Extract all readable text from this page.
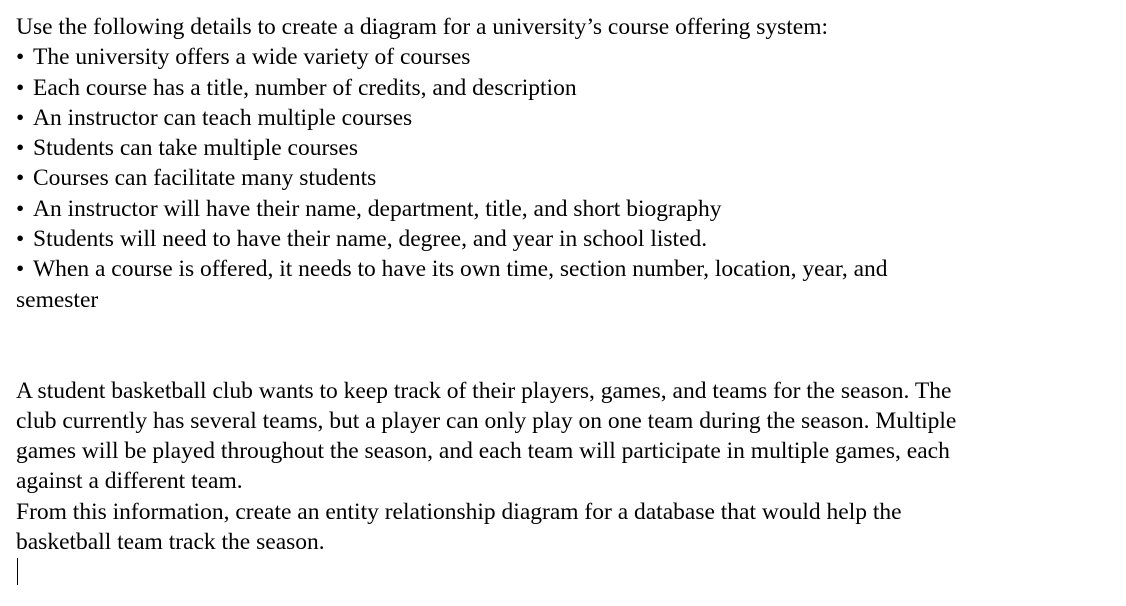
Use the following details to create a diagram for a university’s course offering system:
• The university offers a wide variety of courses
• Each course has a title, number of credits, and description
• An instructor can teach multiple courses
• Students can take multiple courses
• Courses can facilitate many students
• An instructor will have their name, department, title, and short biography
• Students will need to have their name, degree, and year in school listed.
• When a course is offered, it needs to have its own time, section number, location, year, and
semester
A student basketball club wants to keep track of their players, games, and teams for the season. The
club currently has several teams, but a player can only play on one team during the season. Multiple
games will be played throughout the season, and each team will participate in multiple games, each
against a different team.
From this information, create an entity relationship diagram for a database that would help the
basketball team track the season.
